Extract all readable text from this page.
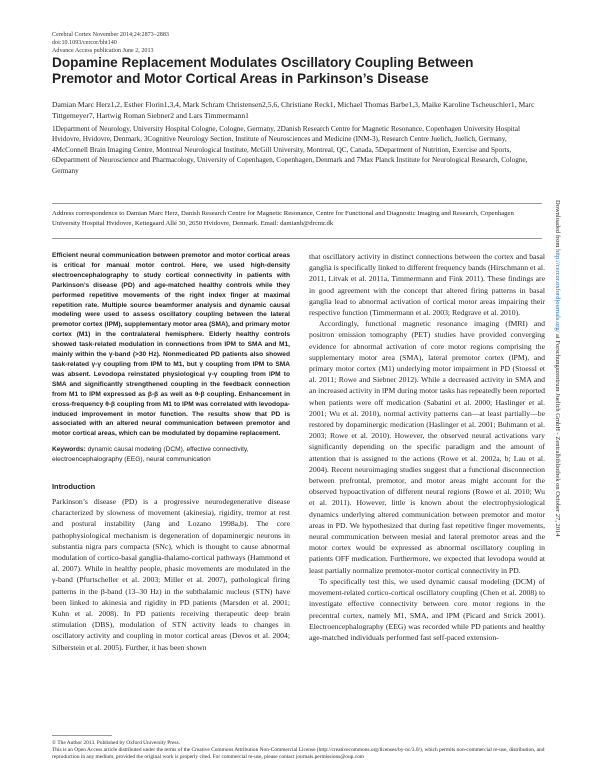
Cerebral Cortex November 2014;24:2873–2883
doi:10.1093/cercor/bht140
Advance Access publication June 2, 2013
Dopamine Replacement Modulates Oscillatory Coupling Between Premotor and Motor Cortical Areas in Parkinson’s Disease
Damian Marc Herz1,2, Esther Florin1,3,4, Mark Schram Christensen2,5,6, Christiane Reck1, Michael Thomas Barbe1,3, Maike Karoline Tscheuschler1, Marc Tittgemeyer7, Hartwig Roman Siebner2 and Lars Timmermann1
1Department of Neurology, University Hospital Cologne, Cologne, Germany, 2Danish Research Centre for Magnetic Resonance, Copenhagen University Hospital Hvidovre, Hvidovre, Denmark, 3Cognitive Neurology Section, Institute of Neurosciences and Medicine (INM-3), Research Centre Juelich, Juelich, Germany, 4McConnell Brain Imaging Centre, Montreal Neurological Institute, McGill University, Montreal, QC, Canada, 5Department of Nutrition, Exercise and Sports, 6Department of Neuroscience and Pharmacology, University of Copenhagen, Copenhagen, Denmark and 7Max Planck Institute for Neurological Research, Cologne, Germany
Address correspondence to Damian Marc Herz, Danish Research Centre for Magnetic Resonance, Centre for Functional and Diagnostic Imaging and Research, Copenhagen University Hospital Hvidovre, Kettegaard Allé 30, 2650 Hvidovre, Denmark. Email: damianh@drcmr.dk

Efficient neural communication between premotor and motor cortical areas is critical for manual motor control. Here, we used high-density electroencephalography to study cortical connectivity in patients with Parkinson’s disease (PD) and age-matched healthy controls while they performed repetitive movements of the right index finger at maximal repetition rate. Multiple source beamformer analysis and dynamic causal modeling were used to assess oscillatory coupling between the lateral premotor cortex (lPM), supplementary motor area (SMA), and primary motor cortex (M1) in the contralateral hemisphere. Elderly healthy controls showed task-related modulation in connections from lPM to SMA and M1, mainly within the γ-band (>30 Hz). Nonmedicated PD patients also showed task-related γ-γ coupling from lPM to M1, but γ coupling from lPM to SMA was absent. Levodopa reinstated physiological γ-γ coupling from lPM to SMA and significantly strengthened coupling in the feedback connection from M1 to lPM expressed as β-β as well as θ-β coupling. Enhancement in cross-frequency θ-β coupling from M1 to lPM was correlated with levodopa-induced improvement in motor function. The results show that PD is associated with an altered neural communication between premotor and motor cortical areas, which can be modulated by dopamine replacement.

Keywords: dynamic causal modeling (DCM), effective connectivity, electroencephalography (EEG), neural communication

Introduction

Parkinson’s disease (PD) is a progressive neurodegenerative disease characterized by slowness of movement (akinesia), rigidity, tremor at rest and postural instability (Jang and Lozano 1998a,b). The core pathophysiological mechanism is degeneration of dopaminergic neurons in substantia nigra pars compacta (SNc), which is thought to cause abnormal modulation of cortico-basal ganglia-thalamo-cortical pathways (Hammond et al. 2007). While in healthy people, phasic movements are modulated in the γ-band (Pfurtscheller et al. 2003; Miller et al. 2007), pathological firing patterns in the β-band (13–30 Hz) in the subthalamic nucleus (STN) have been linked to akinesia and rigidity in PD patients (Marsden et al. 2001; Kuhn et al. 2008). In PD patients receiving therapeutic deep brain stimulation (DBS), modulation of STN activity leads to changes in oscillatory activity and coupling in motor cortical areas (Devos et al. 2004; Silberstein et al. 2005). Further, it has been shown

that oscillatory activity in distinct connections between the cortex and basal ganglia is specifically linked to different frequency bands (Hirschmann et al. 2011, Litvak et al. 2011a, Timmermann and Fink 2011). These findings are in good agreement with the concept that altered firing patterns in basal ganglia lead to abnormal activation of cortical motor areas impairing their respective function (Timmermann et al. 2003; Redgrave et al. 2010).

Accordingly, functional magnetic resonance imaging (fMRI) and positron emission tomography (PET) studies have provided converging evidence for abnormal activation of core motor regions comprising the supplementary motor area (SMA), lateral premotor cortex (lPM), and primary motor cortex (M1) underlying motor impairment in PD (Stoessl et al. 2011; Rowe and Siebner 2012). While a decreased activity in SMA and an increased activity in lPM during motor tasks has repeatedly been reported when patients were off medication (Sabatini et al. 2000; Haslinger et al. 2001; Wu et al. 2010), normal activity patterns can—at least partially—be restored by dopaminergic medication (Haslinger et al. 2001; Buhmann et al. 2003; Rowe et al. 2010). However, the observed neural activations vary significantly depending on the specific paradigm and the amount of attention that is assigned to the actions (Rowe et al. 2002a, b; Lau et al. 2004). Recent neuroimaging studies suggest that a functional disconnection between prefrontal, premotor, and motor areas might account for the observed hypoactivation of different neural regions (Rowe et al. 2010; Wu et al. 2011). However, little is known about the electrophysiological dynamics underlying altered communication between premotor and motor areas in PD. We hypothesized that during fast repetitive finger movements, neural communication between mesial and lateral premotor areas and the motor cortex would be expressed as abnormal oscillatory coupling in patients OFF medication. Furthermore, we expected that levodopa would at least partially normalize premotor-motor cortical connectivity in PD.

To specifically test this, we used dynamic causal modeling (DCM) of movement-related cortico-cortical oscillatory coupling (Chen et al. 2008) to investigate effective connectivity between core motor regions in the precentral cortex, namely M1, SMA, and lPM (Picard and Strick 2001). Electroencephalography (EEG) was recorded while PD patients and healthy age-matched individuals performed fast self-paced extension-

Downloaded from http://cercor.oxfordjournals.org/ at Forschungszentrum Juelich GmbH - Zentralbibliothek on October 27, 2014
© The Author 2013. Published by Oxford University Press.
This is an Open Access article distributed under the terms of the Creative Commons Attribution Non-Commercial License (http://creativecommons.org/licenses/by-nc/3.0/), which permits non-commercial re-use, distribution, and reproduction in any medium, provided the original work is properly cited. For commercial re-use, please contact journals.permissions@oup.com
